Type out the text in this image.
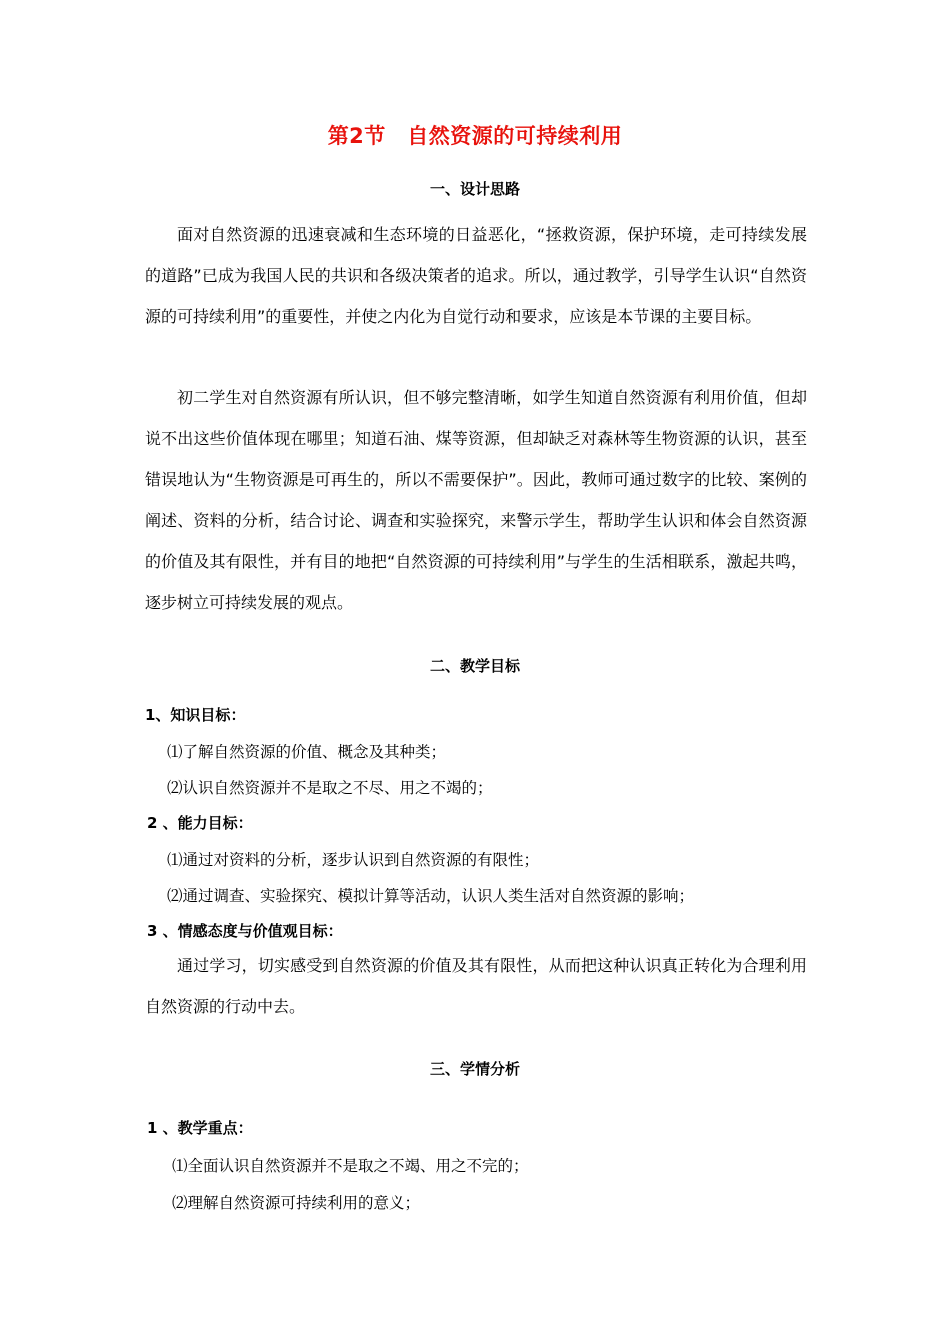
第2节　自然资源的可持续利用
一、设计思路
面对自然资源的迅速衰减和生态环境的日益恶化，“拯救资源，保护环境，走可持续发展的道路”已成为我国人民的共识和各级决策者的追求。所以，通过教学，引导学生认识“自然资源的可持续利用”的重要性，并使之内化为自觉行动和要求，应该是本节课的主要目标。
初二学生对自然资源有所认识，但不够完整清晰，如学生知道自然资源有利用价值，但却说不出这些价值体现在哪里；知道石油、煤等资源，但却缺乏对森林等生物资源的认识，甚至错误地认为“生物资源是可再生的，所以不需要保护”。因此，教师可通过数字的比较、案例的阐述、资料的分析，结合讨论、调查和实验探究，来警示学生，帮助学生认识和体会自然资源的价值及其有限性，并有目的地把“自然资源的可持续利用”与学生的生活相联系，激起共鸣，逐步树立可持续发展的观点。
二、教学目标
1、知识目标：
⑴了解自然资源的价值、概念及其种类；
⑵认识自然资源并不是取之不尽、用之不竭的；
2 、能力目标：
⑴通过对资料的分析，逐步认识到自然资源的有限性；
⑵通过调查、实验探究、模拟计算等活动，认识人类生活对自然资源的影响；
3 、情感态度与价值观目标：
通过学习，切实感受到自然资源的价值及其有限性，从而把这种认识真正转化为合理利用自然资源的行动中去。
三、学情分析
1 、教学重点：
⑴全面认识自然资源并不是取之不竭、用之不完的；
⑵理解自然资源可持续利用的意义；
